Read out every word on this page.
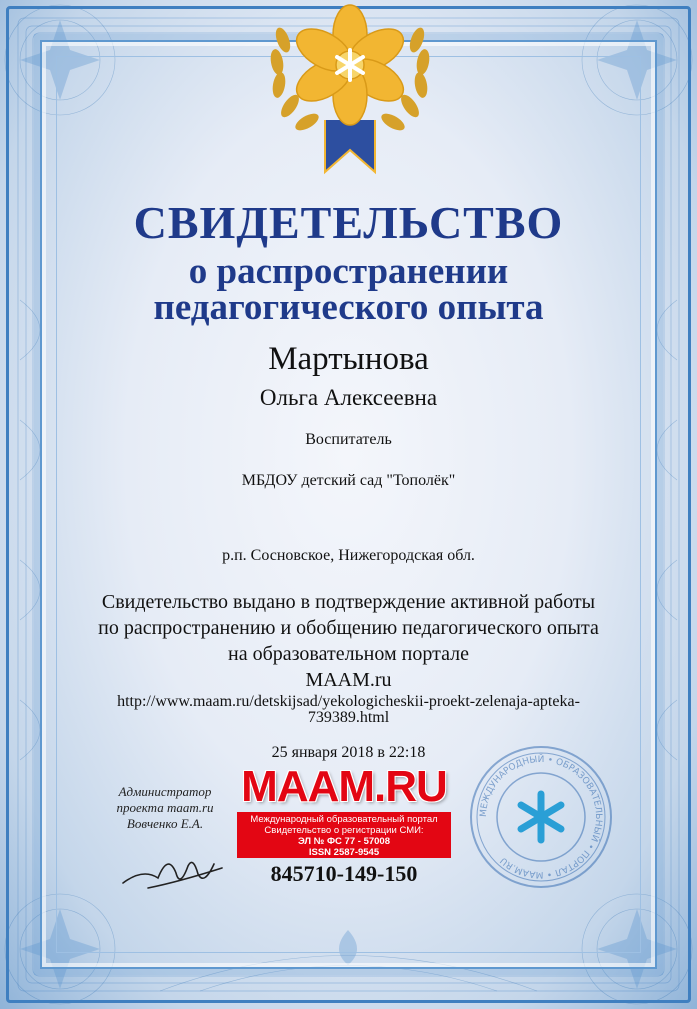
СВИДЕТЕЛЬСТВО
о распространении
педагогического опыта
Мартынова
Ольга Алексеевна
Воспитатель
МБДОУ детский сад "Тополёк"
р.п. Сосновское, Нижегородская обл.
Свидетельство выдано в подтверждение активной работы
по распространению и обобщению педагогического опыта
на образовательном портале
MAAM.ru
http://www.maam.ru/detskijsad/yekologicheskii-proekt-zelenaja-apteka-
739389.html
25 января 2018 в 22:18
Администратор
проекта maam.ru
Вовченко Е.А.
MAAM.RU
Международный образовательный портал
Свидетельство о регистрации СМИ:
ЭЛ № ФС 77 - 57008
ISSN 2587-9545
845710-149-150
МЕЖДУНАРОДНЫЙ • ОБРАЗОВАТЕЛЬНЫЙ • ПОРТАЛ • MAAM.RU
